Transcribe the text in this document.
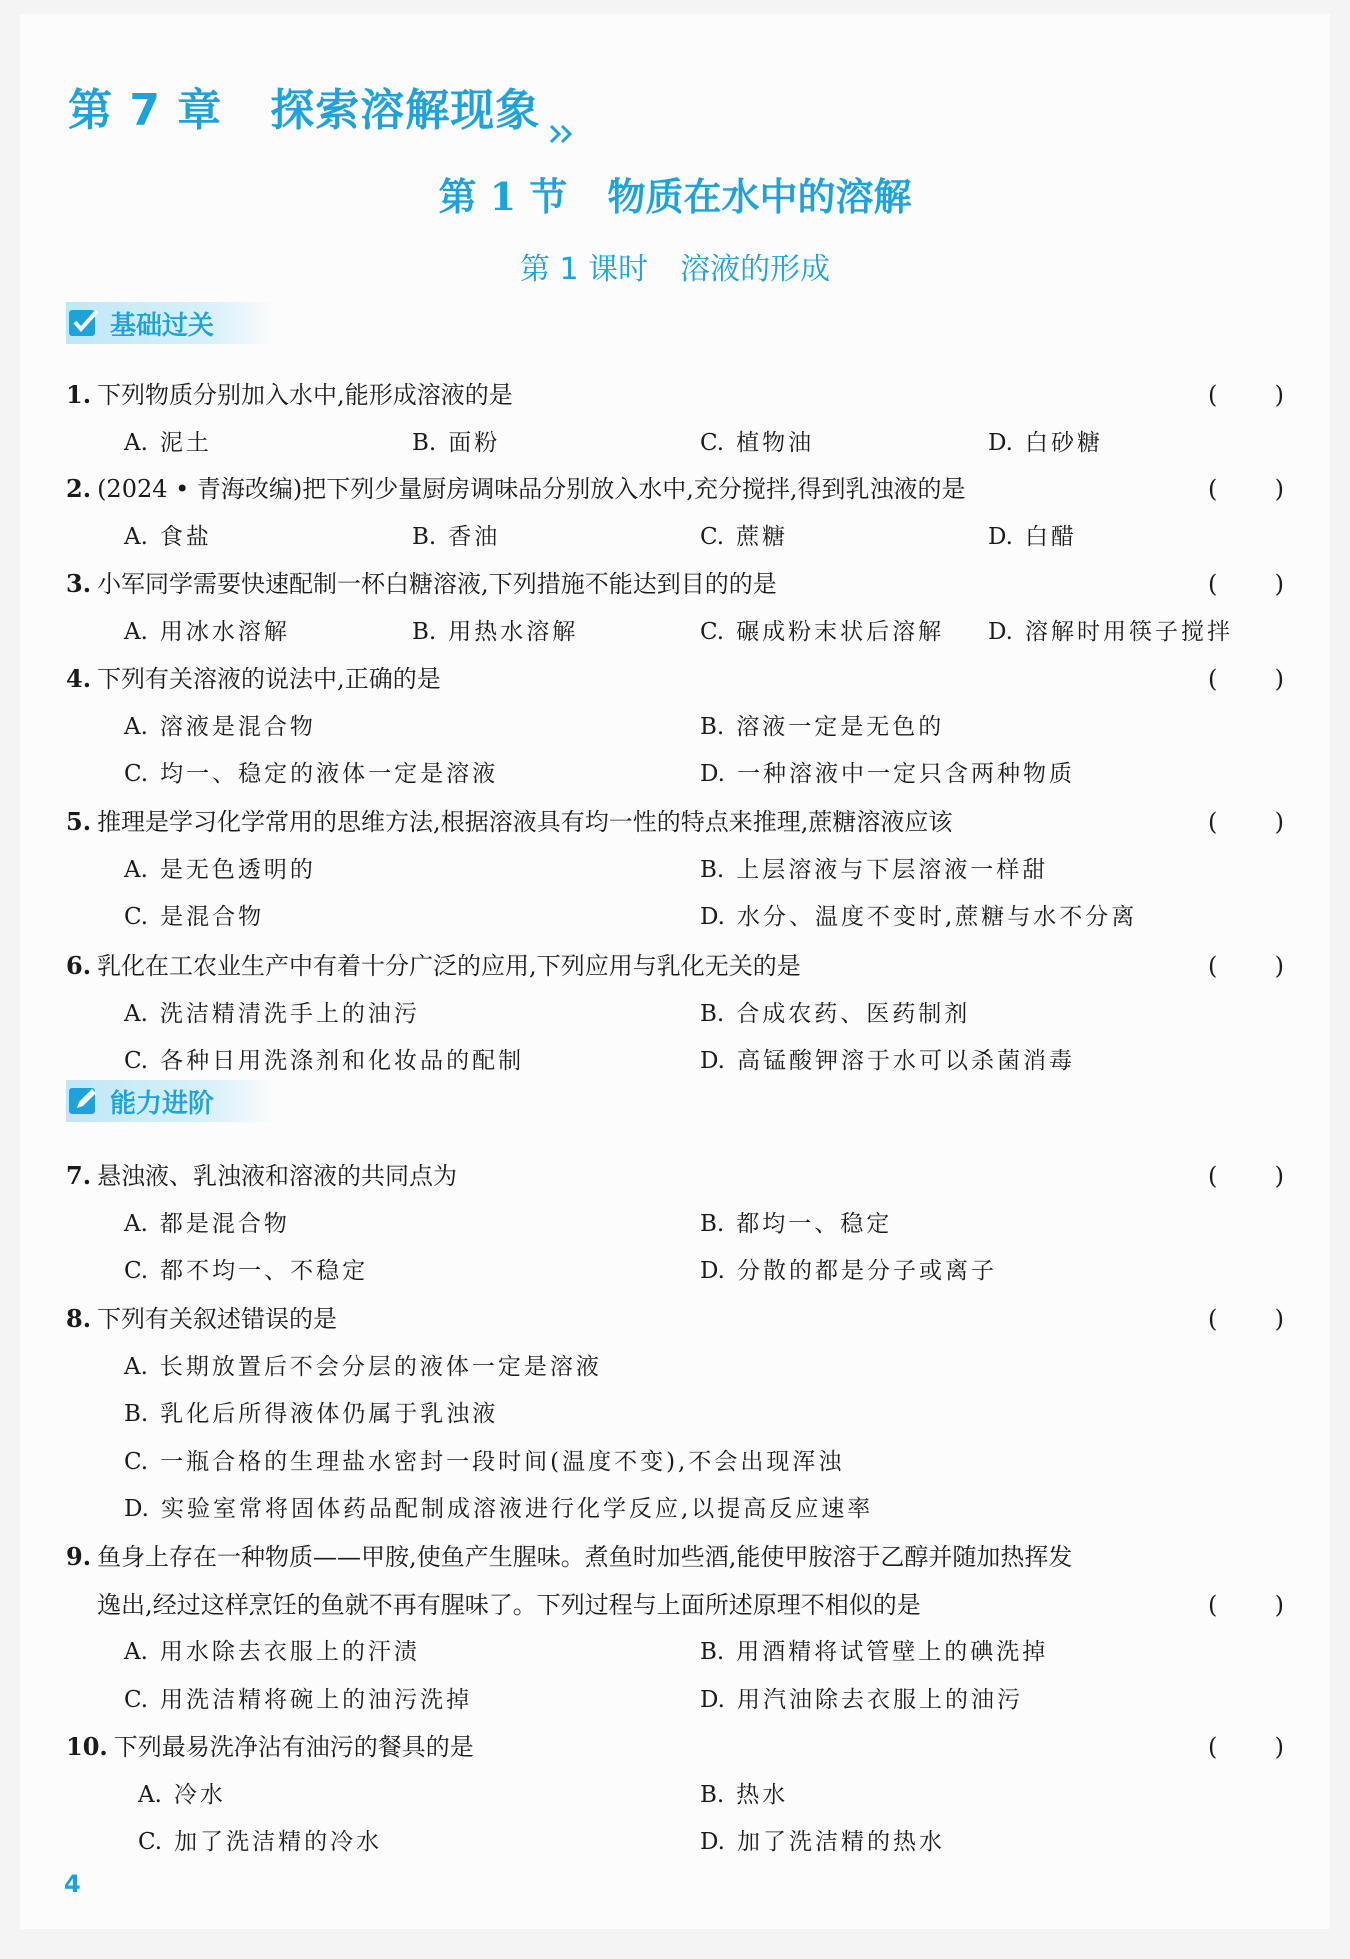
第 7 章 探索溶解现象
第 1 节 物质在水中的溶解
第 1 课时 溶液的形成
基础过关
能力进阶
1. 下列物质分别加入水中,能形成溶液的是	( )
A. 泥土	B. 面粉	C. 植物油	D. 白砂糖
2. (2024 • 青海改编)把下列少量厨房调味品分别放入水中,充分搅拌,得到乳浊液的是	( )
A. 食盐	B. 香油	C. 蔗糖	D. 白醋
3. 小军同学需要快速配制一杯白糖溶液,下列措施不能达到目的的是	( )
A. 用冰水溶解	B. 用热水溶解	C. 碾成粉末状后溶解 D. 溶解时用筷子搅拌
4. 下列有关溶液的说法中,正确的是	( )
A. 溶液是混合物	B. 溶液一定是无色的
C. 均一、稳定的液体一定是溶液	D. 一种溶液中一定只含两种物质
5. 推理是学习化学常用的思维方法,根据溶液具有均一性的特点来推理,蔗糖溶液应该	( )
A. 是无色透明的	B. 上层溶液与下层溶液一样甜
C. 是混合物	D. 水分、温度不变时,蔗糖与水不分离
6. 乳化在工农业生产中有着十分广泛的应用,下列应用与乳化无关的是	( )
A. 洗洁精清洗手上的油污	B. 合成农药、医药制剂
C. 各种日用洗涤剂和化妆品的配制	D. 高锰酸钾溶于水可以杀菌消毒
7. 悬浊液、乳浊液和溶液的共同点为	( )
A. 都是混合物	B. 都均一、稳定
C. 都不均一、不稳定	D. 分散的都是分子或离子
8. 下列有关叙述错误的是	( )
A. 长期放置后不会分层的液体一定是溶液
B. 乳化后所得液体仍属于乳浊液
C. 一瓶合格的生理盐水密封一段时间(温度不变),不会出现浑浊
D. 实验室常将固体药品配制成溶液进行化学反应,以提高反应速率
9. 鱼身上存在一种物质——甲胺,使鱼产生腥味。煮鱼时加些酒,能使甲胺溶于乙醇并随加热挥发
逸出,经过这样烹饪的鱼就不再有腥味了。下列过程与上面所述原理不相似的是	( )
A. 用水除去衣服上的汗渍	B. 用酒精将试管壁上的碘洗掉
C. 用洗洁精将碗上的油污洗掉	D. 用汽油除去衣服上的油污
10. 下列最易洗净沾有油污的餐具的是	( )
A. 冷水	B. 热水
C. 加了洗洁精的冷水	D. 加了洗洁精的热水
4
